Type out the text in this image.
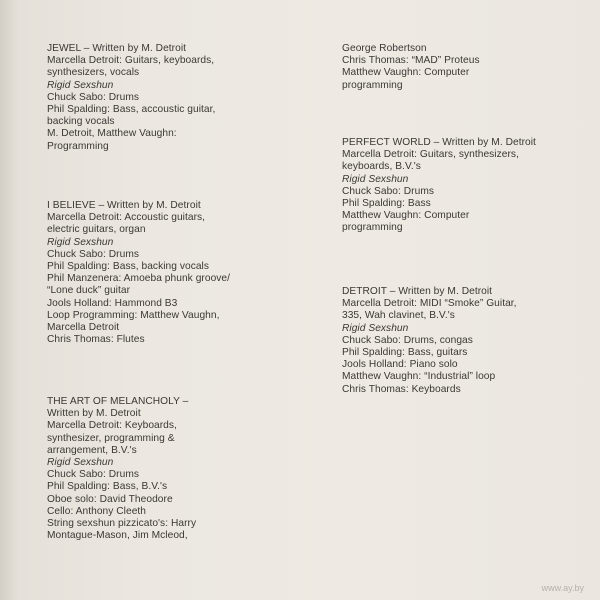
JEWEL – Written by M. Detroit
Marcella Detroit: Guitars, keyboards,
synthesizers, vocals
Rigid Sexshun
Chuck Sabo: Drums
Phil Spalding: Bass, accoustic guitar,
backing vocals
M. Detroit, Matthew Vaughn:
Programming
I BELIEVE – Written by M. Detroit
Marcella Detroit: Accoustic guitars,
electric guitars, organ
Rigid Sexshun
Chuck Sabo: Drums
Phil Spalding: Bass, backing vocals
Phil Manzenera: Amoeba phunk groove/
“Lone duck” guitar
Jools Holland: Hammond B3
Loop Programming: Matthew Vaughn,
Marcella Detroit
Chris Thomas: Flutes
THE ART OF MELANCHOLY –
Written by M. Detroit
Marcella Detroit: Keyboards,
synthesizer, programming &
arrangement, B.V.'s
Rigid Sexshun
Chuck Sabo: Drums
Phil Spalding: Bass, B.V.'s
Oboe solo: David Theodore
Cello: Anthony Cleeth
String sexshun pizzicato's: Harry
Montague-Mason, Jim Mcleod,
George Robertson
Chris Thomas: “MAD” Proteus
Matthew Vaughn: Computer
programming
PERFECT WORLD – Written by M. Detroit
Marcella Detroit: Guitars, synthesizers,
keyboards, B.V.'s
Rigid Sexshun
Chuck Sabo: Drums
Phil Spalding: Bass
Matthew Vaughn: Computer
programming
DETROIT – Written by M. Detroit
Marcella Detroit: MIDI “Smoke” Guitar,
335, Wah clavinet, B.V.'s
Rigid Sexshun
Chuck Sabo: Drums, congas
Phil Spalding: Bass, guitars
Jools Holland: Piano solo
Matthew Vaughn: “Industrial” loop
Chris Thomas: Keyboards
www.ay.by
